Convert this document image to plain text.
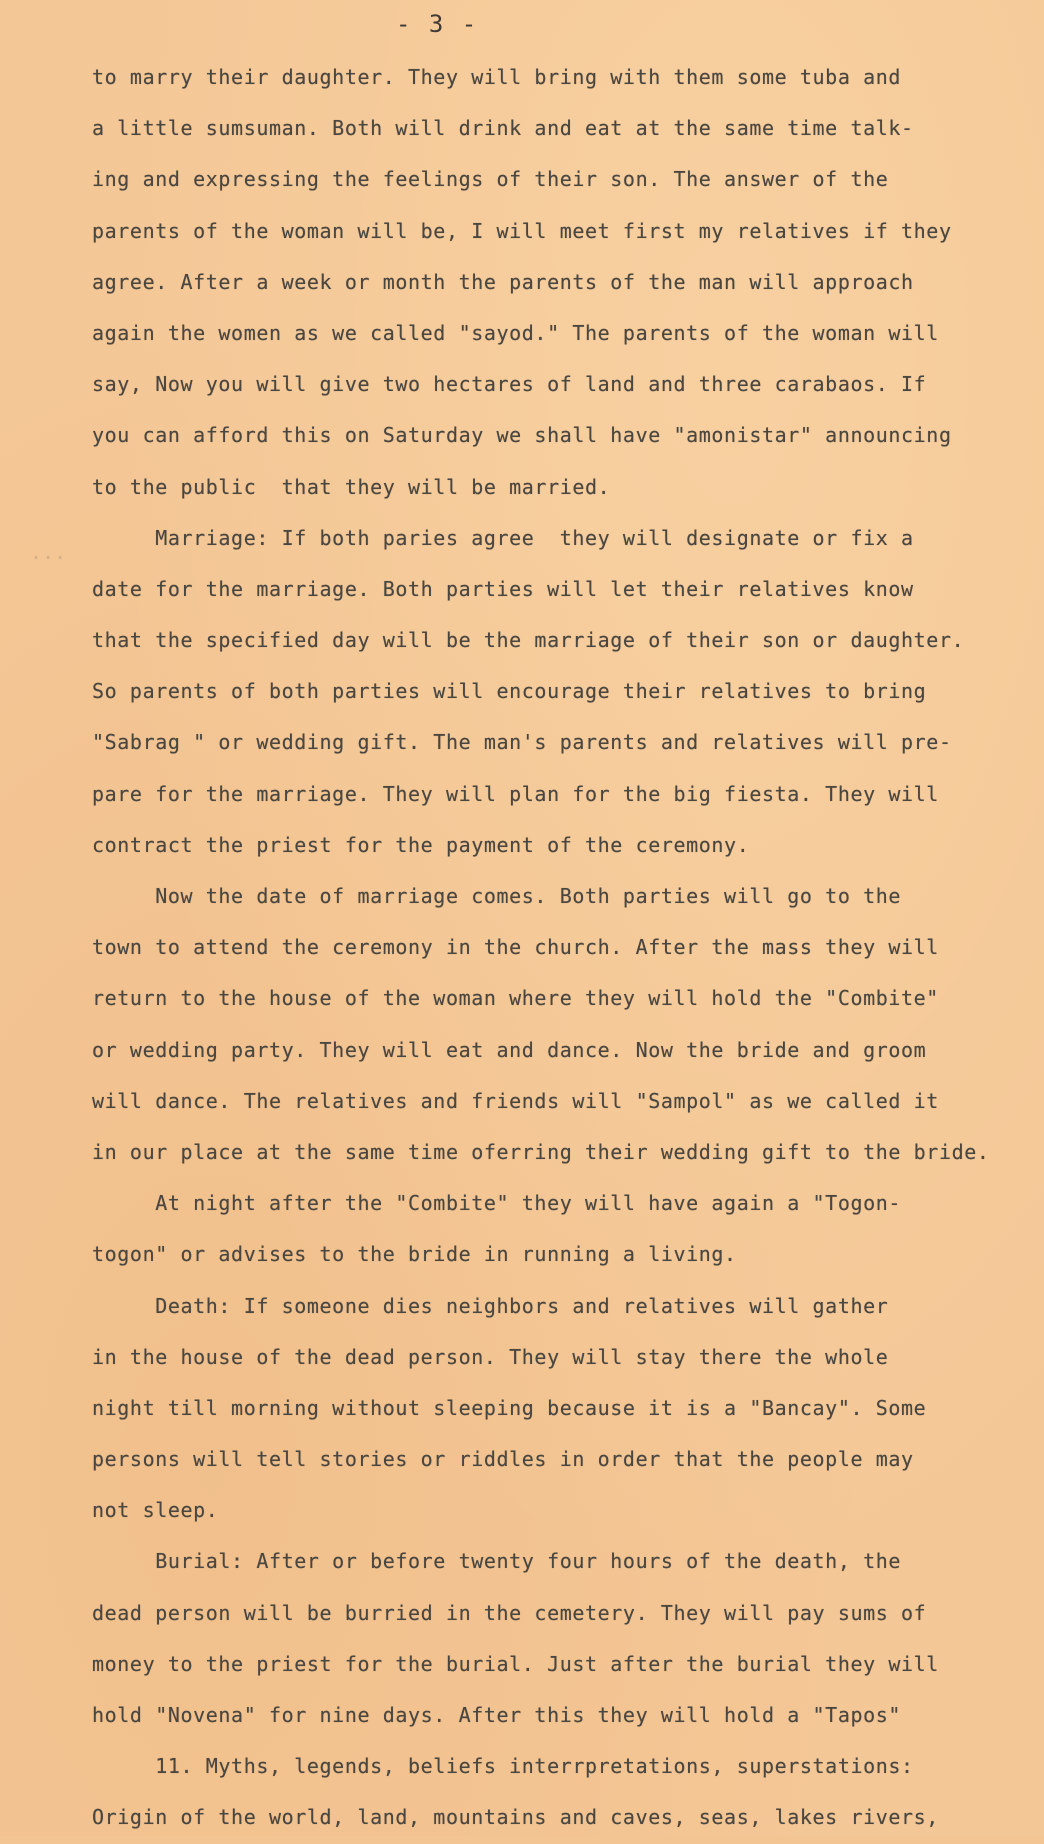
...
- 3 -
to marry their daughter. They will bring with them some tuba and
a little sumsuman. Both will drink and eat at the same time talk-
ing and expressing the feelings of their son. The answer of the
parents of the woman will be, I will meet first my relatives if they
agree. After a week or month the parents of the man will approach
again the women as we called "sayod." The parents of the woman will
say, Now you will give two hectares of land and three carabaos. If
you can afford this on Saturday we shall have "amonistar" announcing
to the public  that they will be married.
Marriage: If both paries agree  they will designate or fix a
date for the marriage. Both parties will let their relatives know
that the specified day will be the marriage of their son or daughter.
So parents of both parties will encourage their relatives to bring
"Sabrag " or wedding gift. The man's parents and relatives will pre-
pare for the marriage. They will plan for the big fiesta. They will
contract the priest for the payment of the ceremony.
Now the date of marriage comes. Both parties will go to the
town to attend the ceremony in the church. After the mass they will
return to the house of the woman where they will hold the "Combite"
or wedding party. They will eat and dance. Now the bride and groom
will dance. The relatives and friends will "Sampol" as we called it
in our place at the same time oferring their wedding gift to the bride.
At night after the "Combite" they will have again a "Togon-
togon" or advises to the bride in running a living.
Death: If someone dies neighbors and relatives will gather
in the house of the dead person. They will stay there the whole
night till morning without sleeping because it is a "Bancay". Some
persons will tell stories or riddles in order that the people may
not sleep.
Burial: After or before twenty four hours of the death, the
dead person will be burried in the cemetery. They will pay sums of
money to the priest for the burial. Just after the burial they will
hold "Novena" for nine days. After this they will hold a "Tapos"
11. Myths, legends, beliefs interrpretations, superstations:
Origin of the world, land, mountains and caves, seas, lakes rivers,
